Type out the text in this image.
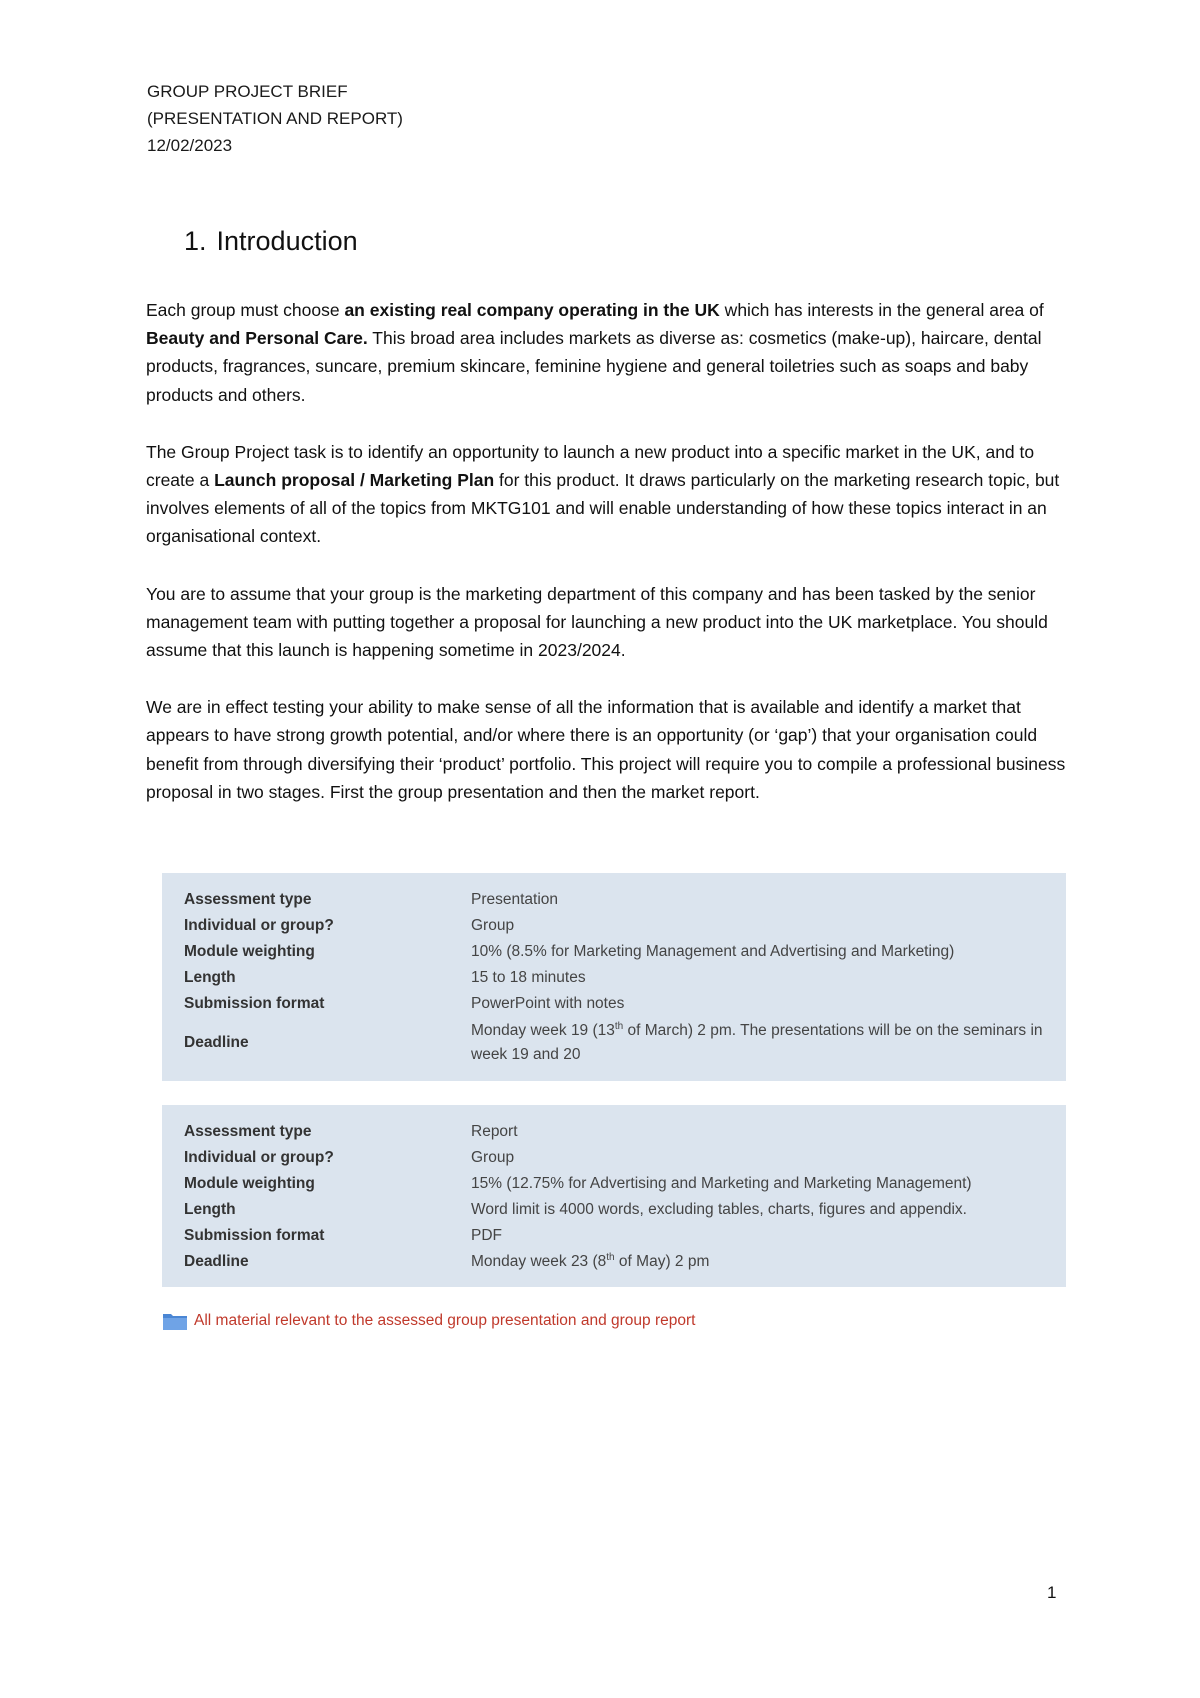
GROUP PROJECT BRIEF
(PRESENTATION AND REPORT)
12/02/2023
1. Introduction

Each group must choose an existing real company operating in the UK which has interests in the general area of Beauty and Personal Care. This broad area includes markets as diverse as: cosmetics (make-up), haircare, dental products, fragrances, suncare, premium skincare, feminine hygiene and general toiletries such as soaps and baby products and others.

The Group Project task is to identify an opportunity to launch a new product into a specific market in the UK, and to create a Launch proposal / Marketing Plan for this product. It draws particularly on the marketing research topic, but involves elements of all of the topics from MKTG101 and will enable understanding of how these topics interact in an organisational context.

You are to assume that your group is the marketing department of this company and has been tasked by the senior management team with putting together a proposal for launching a new product into the UK marketplace. You should assume that this launch is happening sometime in 2023/2024.

We are in effect testing your ability to make sense of all the information that is available and identify a market that appears to have strong growth potential, and/or where there is an opportunity (or ‘gap’) that your organisation could benefit from through diversifying their ‘product’ portfolio. This project will require you to compile a professional business proposal in two stages. First the group presentation and then the market report.

Assessment type	Presentation
Individual or group?	Group
Module weighting	10% (8.5% for Marketing Management and Advertising and Marketing)
Length	15 to 18 minutes
Submission format	PowerPoint with notes
Deadline	Monday week 19 (13th of March) 2 pm. The presentations will be on the seminars in week 19 and 20
Assessment type	Report
Individual or group?	Group
Module weighting	15% (12.75% for Advertising and Marketing and Marketing Management)
Length	Word limit is 4000 words, excluding tables, charts, figures and appendix.
Submission format	PDF
Deadline	Monday week 23 (8th of May) 2 pm
All material relevant to the assessed group presentation and group report
1
